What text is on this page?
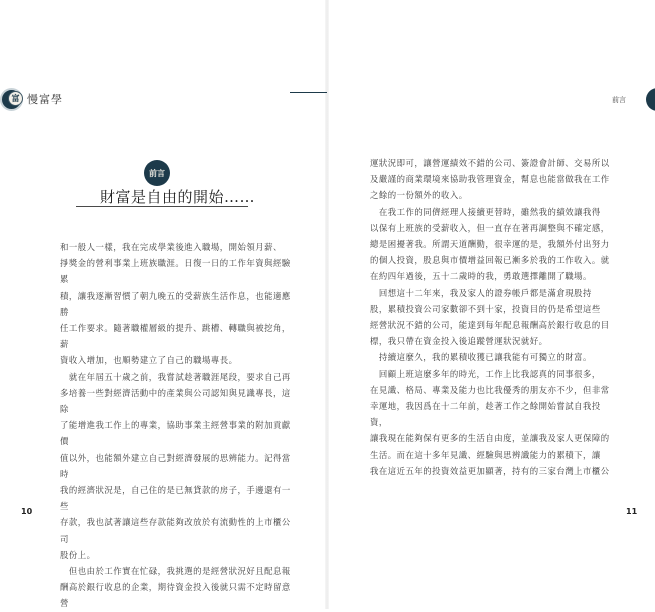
富 慢富學	前言
前言
財富是自由的開始……
和一般人一樣，我在完成學業後進入職場，開始領月薪、
掙獎金的營利事業上班族職涯。日復一日的工作年資與經驗累
積，讓我逐漸習慣了朝九晚五的受薪族生活作息，也能適應勝
任工作要求。隨著職權層級的提升、跳槽、轉職與被挖角，薪
資收入增加，也順勢建立了自己的職場專長。
　就在年屆五十歲之前，我嘗試趁著職涯尾段，要求自己再
多培養一些對經濟活動中的產業與公司認知與見識專長，這除
了能增進我工作上的專業，協助事業主經營事業的附加貢獻價
值以外，也能額外建立自己對經濟發展的思辨能力。記得當時
我的經濟狀況是，自己住的是已無貸款的房子，手邊還有一些
存款，我也試著讓這些存款能夠改放於有流動性的上市櫃公司
股份上。
　但也由於工作實在忙碌，我挑選的是經營狀況好且配息報
酬高於銀行收息的企業，期待資金投入後就只需不定時留意營
運狀況即可，讓營運績效不錯的公司、簽證會計師、交易所以
及嚴謹的商業環境來協助我管理資金，幫息也能當做我在工作
之餘的一份額外的收入。
　在我工作的同儕經理人接續更替時，雖然我的績效讓我得
以保有上班族的受薪收入，但一直存在著再調整與不確定感，
總是困擾著我。所謂天道酬勤，很幸運的是，我額外付出努力
的個人投資，股息與市價增益回報已漸多於我的工作收入。就
在約四年過後，五十二歲時的我，勇敢選擇離開了職場。
　回想這十二年來，我及家人的證券帳戶都是滿倉現股持
股，累積投資公司家數卻不到十家，投資目的仍是希望這些
經營狀況不錯的公司，能達到每年配息報酬高於銀行收息的目
標，我只帶在資金投入後追蹤營運狀況就好。
　持續這麼久，我的累積收獲已讓我能有可獨立的財富。
　回顧上班這麼多年的時光，工作上比我認真的同事很多，
在見識、格局、專業及能力也比我優秀的朋友亦不少，但非常
幸運地，我因爲在十二年前，趁著工作之餘開始嘗試自我投資，
讓我現在能夠保有更多的生活自由度，並讓我及家人更保障的
生活。而在這十多年見識、經驗與思辨識能力的累積下，讓
我在這近五年的投資效益更加顯著，持有的三家台灣上市櫃公
10	11
